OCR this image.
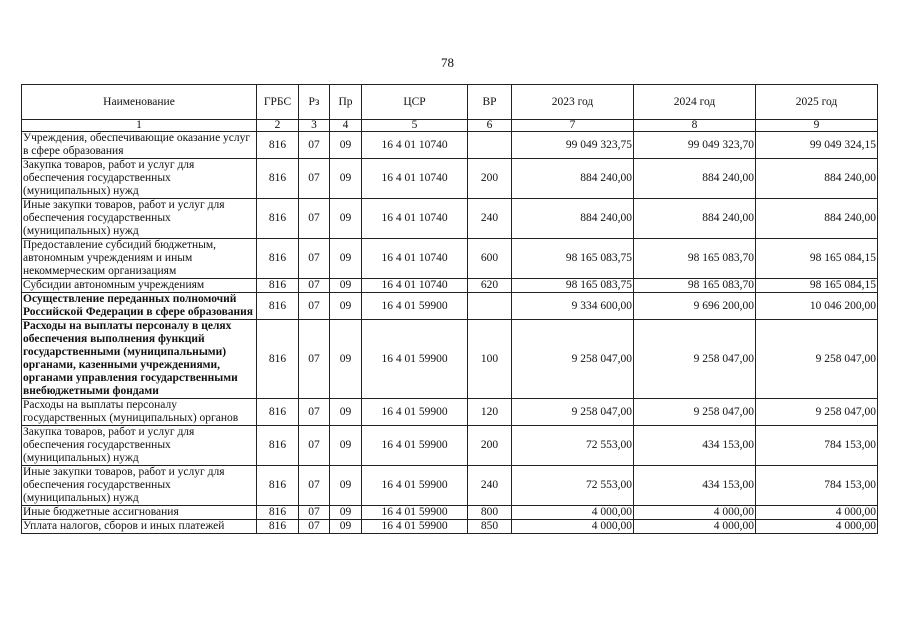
78
Наименование	ГРБС	Рз	Пр	ЦСР	ВР	2023 год	2024 год	2025 год
1	2	3	4	5	6	7	8	9
Учреждения, обеспечивающие оказание услуг в сфере образования	816	07	09	16 4 01 10740		99 049 323,75	99 049 323,70	99 049 324,15
Закупка товаров, работ и услуг для обеспечения государственных (муниципальных) нужд	816	07	09	16 4 01 10740	200	884 240,00	884 240,00	884 240,00
Иные закупки товаров, работ и услуг для обеспечения государственных (муниципальных) нужд	816	07	09	16 4 01 10740	240	884 240,00	884 240,00	884 240,00
Предоставление субсидий бюджетным, автономным учреждениям и иным некоммерческим организациям	816	07	09	16 4 01 10740	600	98 165 083,75	98 165 083,70	98 165 084,15
Субсидии автономным учреждениям	816	07	09	16 4 01 10740	620	98 165 083,75	98 165 083,70	98 165 084,15
Осуществление переданных полномочий Российской Федерации в сфере образования	816	07	09	16 4 01 59900		9 334 600,00	9 696 200,00	10 046 200,00
Расходы на выплаты персоналу в целях обеспечения выполнения функций государственными (муниципальными) органами, казенными учреждениями, органами управления государственными внебюджетными фондами	816	07	09	16 4 01 59900	100	9 258 047,00	9 258 047,00	9 258 047,00
Расходы на выплаты персоналу государственных (муниципальных) органов	816	07	09	16 4 01 59900	120	9 258 047,00	9 258 047,00	9 258 047,00
Закупка товаров, работ и услуг для обеспечения государственных (муниципальных) нужд	816	07	09	16 4 01 59900	200	72 553,00	434 153,00	784 153,00
Иные закупки товаров, работ и услуг для обеспечения государственных (муниципальных) нужд	816	07	09	16 4 01 59900	240	72 553,00	434 153,00	784 153,00
Иные бюджетные ассигнования	816	07	09	16 4 01 59900	800	4 000,00	4 000,00	4 000,00
Уплата налогов, сборов и иных платежей	816	07	09	16 4 01 59900	850	4 000,00	4 000,00	4 000,00
